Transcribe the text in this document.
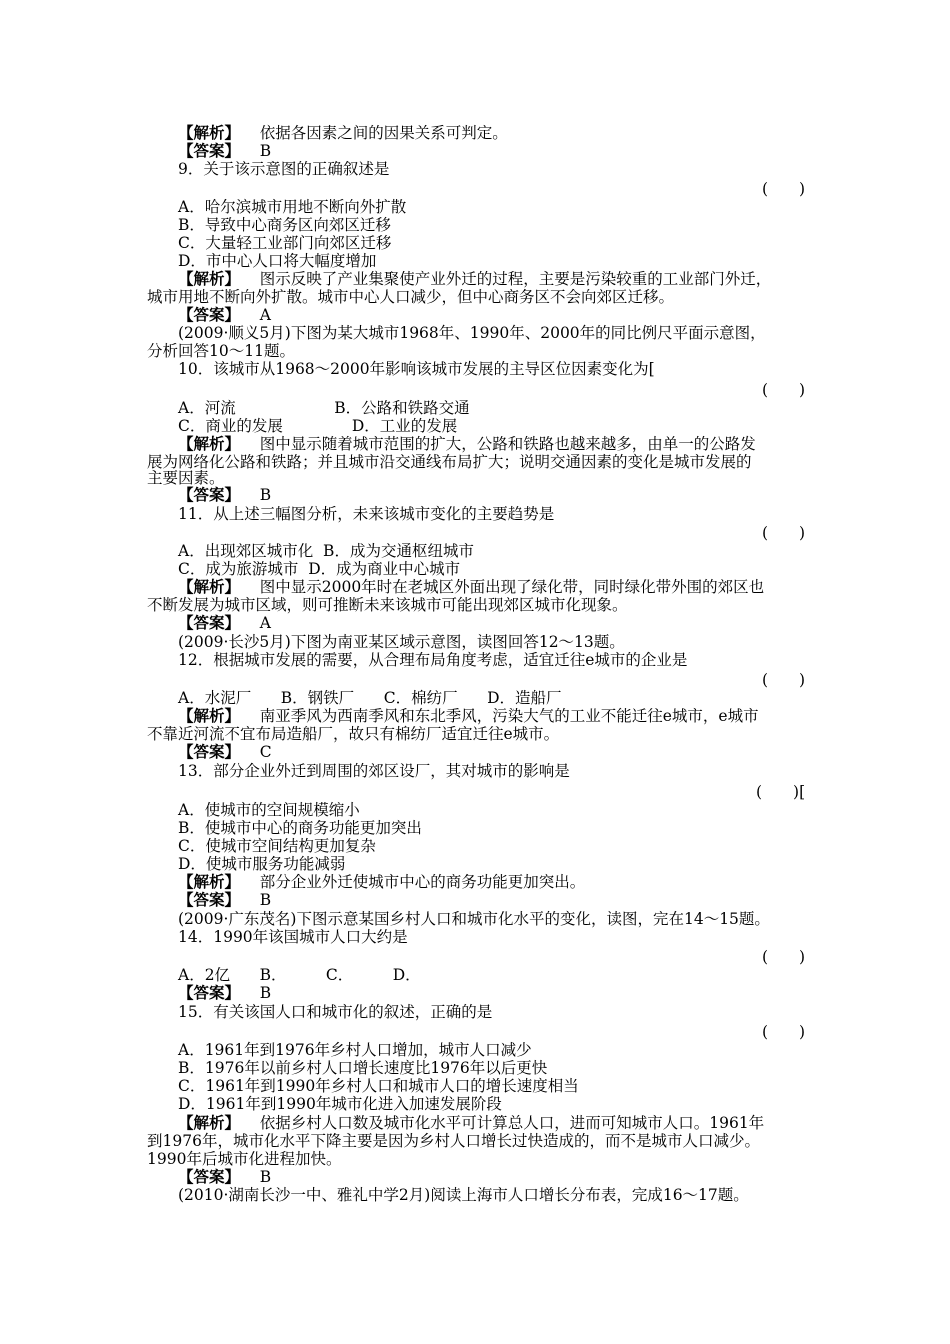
【解析】 依据各因素之间的因果关系可判定。
【答案】 B
9．关于该示意图的正确叙述是
(　　)
A．哈尔滨城市用地不断向外扩散
B．导致中心商务区向郊区迁移
C．大量轻工业部门向郊区迁移
D．市中心人口将大幅度增加
【解析】 图示反映了产业集聚使产业外迁的过程，主要是污染较重的工业部门外迁，
城市用地不断向外扩散。城市中心人口减少，但中心商务区不会向郊区迁移。
【答案】 A
(2009·顺义5月)下图为某大城市1968年、1990年、2000年的同比例尺平面示意图，
分析回答10～11题。
10．该城市从1968～2000年影响该城市发展的主导区位因素变化为[
(　　)
A．河流                    B．公路和铁路交通
C．商业的发展              D．工业的发展
【解析】 图中显示随着城市范围的扩大，公路和铁路也越来越多，由单一的公路发
展为网络化公路和铁路；并且城市沿交通线布局扩大；说明交通因素的变化是城市发展的
主要因素。
【答案】 B
11．从上述三幅图分析，未来该城市变化的主要趋势是
(　　)
A．出现郊区城市化  B．成为交通枢纽城市
C．成为旅游城市  D．成为商业中心城市
【解析】 图中显示2000年时在老城区外面出现了绿化带，同时绿化带外围的郊区也
不断发展为城市区域，则可推断未来该城市可能出现郊区城市化现象。
【答案】 A
(2009·长沙5月)下图为南亚某区域示意图，读图回答12～13题。
12．根据城市发展的需要，从合理布局角度考虑，适宜迁往e城市的企业是
(　　)
A．水泥厂      B．钢铁厂      C．棉纺厂      D．造船厂
【解析】 南亚季风为西南季风和东北季风，污染大气的工业不能迁往e城市，e城市
不靠近河流不宜布局造船厂，故只有棉纺厂适宜迁往e城市。
【答案】 C
13．部分企业外迁到周围的郊区设厂，其对城市的影响是
(　　)[
A．使城市的空间规模缩小
B．使城市中心的商务功能更加突出
C．使城市空间结构更加复杂
D．使城市服务功能减弱
【解析】 部分企业外迁使城市中心的商务功能更加突出。
【答案】 B
(2009·广东茂名)下图示意某国乡村人口和城市化水平的变化，读图，完在14～15题。
14．1990年该国城市人口大约是
(　　)
A．2亿      B．        C．        D．
【答案】 B
15．有关该国人口和城市化的叙述，正确的是
(　　)
A．1961年到1976年乡村人口增加，城市人口减少
B．1976年以前乡村人口增长速度比1976年以后更快
C．1961年到1990年乡村人口和城市人口的增长速度相当
D．1961年到1990年城市化进入加速发展阶段
【解析】 依据乡村人口数及城市化水平可计算总人口，进而可知城市人口。1961年
到1976年，城市化水平下降主要是因为乡村人口增长过快造成的，而不是城市人口减少。
1990年后城市化进程加快。
【答案】 B
(2010·湖南长沙一中、雅礼中学2月)阅读上海市人口增长分布表，完成16～17题。
